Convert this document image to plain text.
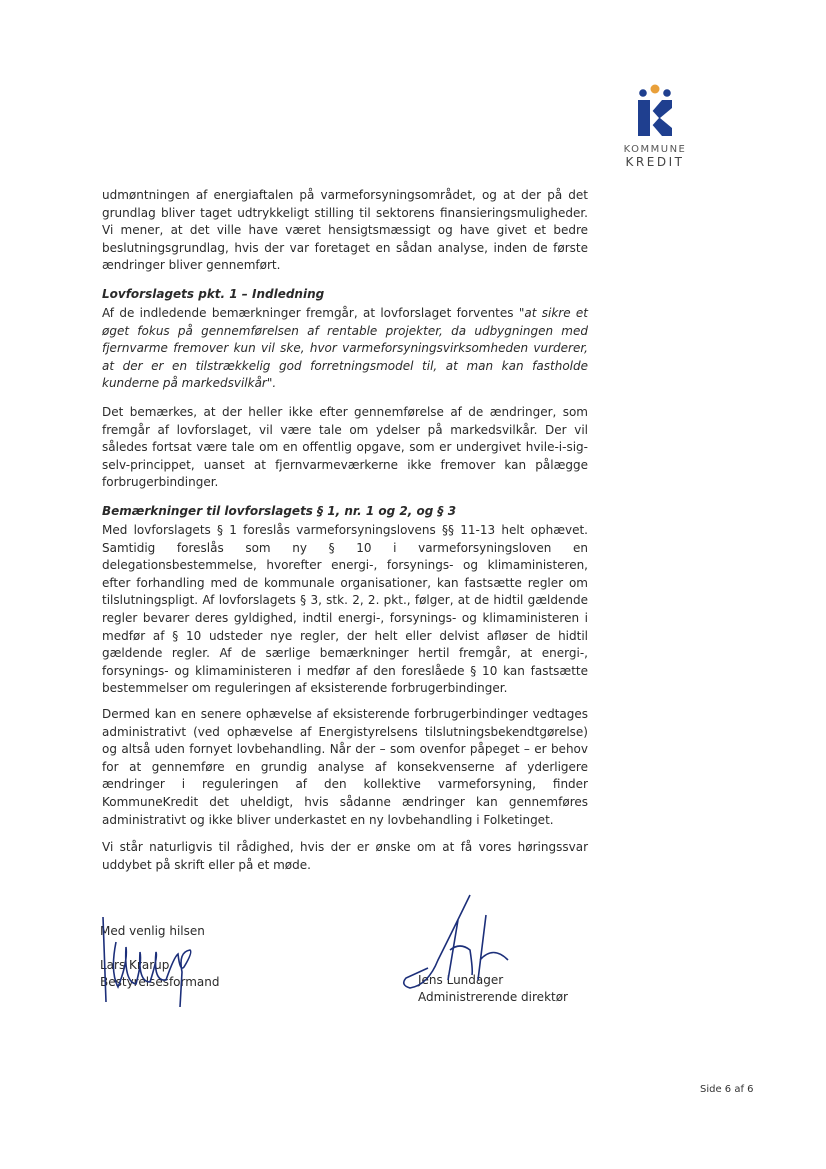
KOMMUNE
KREDIT
udmøntningen af energiaftalen på varmeforsyningsområdet, og at der på det grundlag bliver taget udtrykkeligt stilling til sektorens finansieringsmuligheder. Vi mener, at det ville have været hensigtsmæssigt og have givet et bedre beslutningsgrundlag, hvis der var foretaget en sådan analyse, inden de første ændringer bliver gennemført.
Lovforslagets pkt. 1 – Indledning
Af de indledende bemærkninger fremgår, at lovforslaget forventes "at sikre et øget fokus på gennemførelsen af rentable projekter, da udbygningen med fjernvarme fremover kun vil ske, hvor varmeforsyningsvirksomheden vurderer, at der er en tilstrækkelig god forretningsmodel til, at man kan fastholde kunderne på markedsvilkår".
Det bemærkes, at der heller ikke efter gennemførelse af de ændringer, som fremgår af lovforslaget, vil være tale om ydelser på markedsvilkår. Der vil således fortsat være tale om en offentlig opgave, som er undergivet hvile-i-sig-selv-princippet, uanset at fjernvarmeværkerne ikke fremover kan pålægge forbrugerbindinger.
Bemærkninger til lovforslagets § 1, nr. 1 og 2, og § 3
Med lovforslagets § 1 foreslås varmeforsyningslovens §§ 11-13 helt ophævet. Samtidig foreslås som ny § 10 i varmeforsyningsloven en delegationsbestemmelse, hvorefter energi-, forsynings- og klimaministeren, efter forhandling med de kommunale organisationer, kan fastsætte regler om tilslutningspligt. Af lovforslagets § 3, stk. 2, 2. pkt., følger, at de hidtil gældende regler bevarer deres gyldighed, indtil energi-, forsynings- og klimaministeren i medfør af § 10 udsteder nye regler, der helt eller delvist afløser de hidtil gældende regler. Af de særlige bemærkninger hertil fremgår, at energi-, forsynings- og klimaministeren i medfør af den foreslåede § 10 kan fastsætte bestemmelser om reguleringen af eksisterende forbrugerbindinger.
Dermed kan en senere ophævelse af eksisterende forbrugerbindinger vedtages administrativt (ved ophævelse af Energistyrelsens tilslutningsbekendtgørelse) og altså uden fornyet lovbehandling. Når der – som ovenfor påpeget – er behov for at gennemføre en grundig analyse af konsekvenserne af yderligere ændringer i reguleringen af den kollektive varmeforsyning, finder KommuneKredit det uheldigt, hvis sådanne ændringer kan gennemføres administrativt og ikke bliver underkastet en ny lovbehandling i Folketinget.
Vi står naturligvis til rådighed, hvis der er ønske om at få vores høringssvar uddybet på skrift eller på et møde.
Med venlig hilsen
Lars Krarup
Bestyrelsesformand	Jens Lundager
Administrerende direktør
Side 6 af 6
